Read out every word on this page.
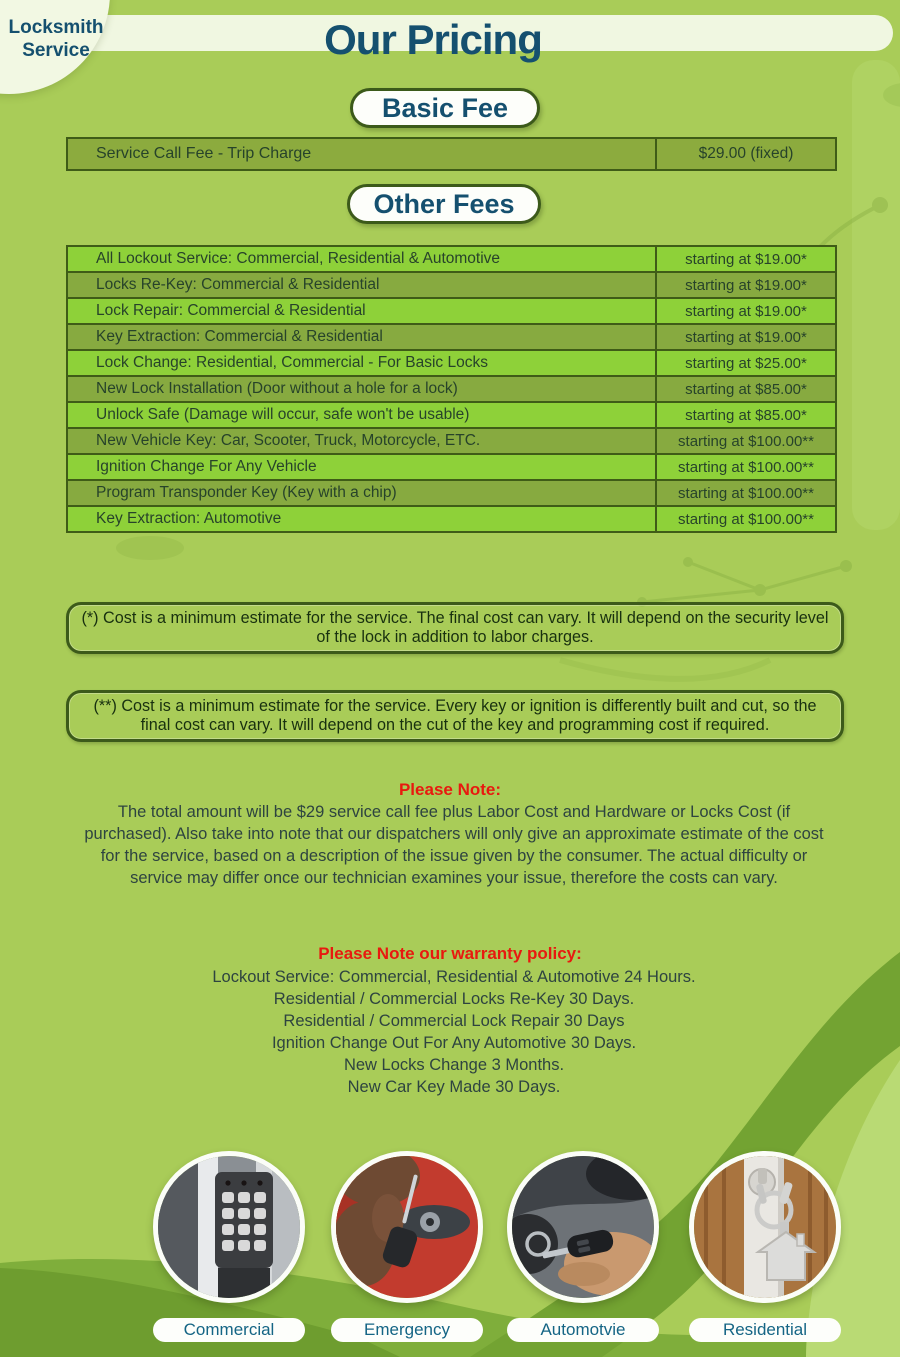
Our Pricing
Locksmith
Service
Basic Fee
Service Call Fee - Trip Charge	$29.00 (fixed)
Other Fees
All Lockout Service: Commercial, Residential & Automotive	starting at $19.00*
Locks Re-Key: Commercial & Residential	starting at $19.00*
Lock Repair: Commercial & Residential	starting at $19.00*
Key Extraction: Commercial & Residential	starting at $19.00*
Lock Change: Residential, Commercial - For Basic Locks	starting at $25.00*
New Lock Installation (Door without a hole for a lock)	starting at $85.00*
Unlock Safe (Damage will occur, safe won't be usable)	starting at $85.00*
New Vehicle Key: Car, Scooter, Truck, Motorcycle, ETC.	starting at $100.00**
Ignition Change For Any Vehicle	starting at $100.00**
Program Transponder Key (Key with a chip)	starting at $100.00**
Key Extraction: Automotive	starting at $100.00**
(*) Cost is a minimum estimate for the service. The final cost can vary. It will depend on the security level of the lock in addition to labor charges.
(**) Cost is a minimum estimate for the service. Every key or ignition is differently built and cut, so the final cost can vary. It will depend on the cut of the key and programming cost if required.
Please Note:
The total amount will be $29 service call fee plus Labor Cost and Hardware or Locks Cost (if purchased). Also take into note that our dispatchers will only give an approximate estimate of the cost for the service, based on a description of the issue given by the consumer. The actual difficulty or service may differ once our technician examines your issue, therefore the costs can vary.
Please Note our warranty policy:
Lockout Service: Commercial, Residential & Automotive 24 Hours.
Residential / Commercial Locks Re-Key 30 Days.
Residential / Commercial Lock Repair 30 Days
Ignition Change Out For Any Automotive 30 Days.
New Locks Change 3 Months.
New Car Key Made 30 Days.
Commercial	Emergency	Automotvie	Residential
